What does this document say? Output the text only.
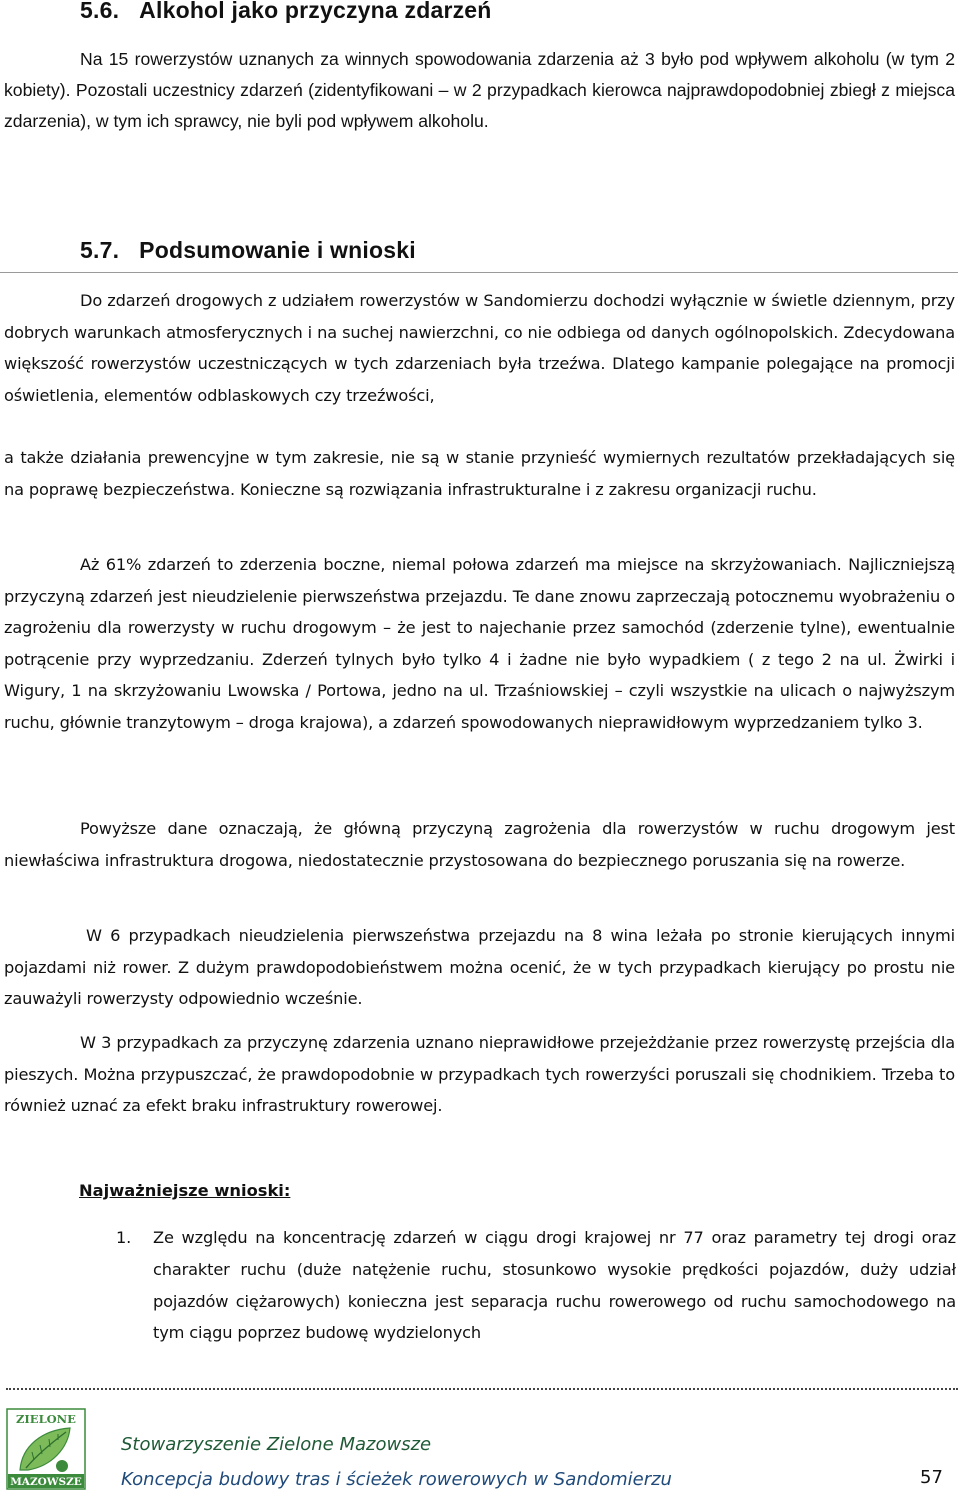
5.6. Alkohol jako przyczyna zdarzeń

Na 15 rowerzystów uznanych za winnych spowodowania zdarzenia aż 3 było pod wpływem alkoholu (w tym 2 kobiety). Pozostali uczestnicy zdarzeń (zidentyfikowani – w 2 przypadkach kierowca najprawdopodobniej zbiegł z miejsca zdarzenia), w tym ich sprawcy, nie byli pod wpływem alkoholu.

5.7. Podsumowanie i wnioski

Do zdarzeń drogowych z udziałem rowerzystów w Sandomierzu dochodzi wyłącznie w świetle dziennym, przy dobrych warunkach atmosferycznych i na suchej nawierzchni, co nie odbiega od danych ogólnopolskich. Zdecydowana większość rowerzystów uczestniczących w tych zdarzeniach była trzeźwa. Dlatego kampanie polegające na promocji oświetlenia, elementów odblaskowych czy trzeźwości,

a także działania prewencyjne w tym zakresie, nie są w stanie przynieść wymiernych rezultatów przekładających się na poprawę bezpieczeństwa. Konieczne są rozwiązania infrastrukturalne i z zakresu organizacji ruchu.

Aż 61% zdarzeń to zderzenia boczne, niemal połowa zdarzeń ma miejsce na skrzyżowaniach. Najliczniejszą przyczyną zdarzeń jest nieudzielenie pierwszeństwa przejazdu. Te dane znowu zaprzeczają potocznemu wyobrażeniu o zagrożeniu dla rowerzysty w ruchu drogowym – że jest to najechanie przez samochód (zderzenie tylne), ewentualnie potrącenie przy wyprzedzaniu. Zderzeń tylnych było tylko 4 i żadne nie było wypadkiem ( z tego 2 na ul. Żwirki i Wigury, 1 na skrzyżowaniu Lwowska / Portowa, jedno na ul. Trzaśniowskiej – czyli wszystkie na ulicach o najwyższym ruchu, głównie tranzytowym – droga krajowa), a zdarzeń spowodowanych nieprawidłowym wyprzedzaniem tylko 3.

Powyższe dane oznaczają, że główną przyczyną zagrożenia dla rowerzystów w ruchu drogowym jest niewłaściwa infrastruktura drogowa, niedostatecznie przystosowana do bezpiecznego poruszania się na rowerze.

W 6 przypadkach nieudzielenia pierwszeństwa przejazdu na 8 wina leżała po stronie kierujących innymi pojazdami niż rower. Z dużym prawdopodobieństwem można ocenić, że w tych przypadkach kierujący po prostu nie zauważyli rowerzysty odpowiednio wcześnie.

W 3 przypadkach za przyczynę zdarzenia uznano nieprawidłowe przejeżdżanie przez rowerzystę przejścia dla pieszych. Można przypuszczać, że prawdopodobnie w przypadkach tych rowerzyści poruszali się chodnikiem. Trzeba to również uznać za efekt braku infrastruktury rowerowej.

Najważniejsze wnioski:

1. Ze względu na koncentrację zdarzeń w ciągu drogi krajowej nr 77 oraz parametry tej drogi oraz charakter ruchu (duże natężenie ruchu, stosunkowo wysokie prędkości pojazdów, duży udział pojazdów ciężarowych) konieczna jest separacja ruchu rowerowego od ruchu samochodowego na tym ciągu poprzez budowę wydzielonych
ZIELONE
MAZOWSZE

Stowarzyszenie Zielone Mazowsze

Koncepcja budowy tras i ścieżek rowerowych w Sandomierzu	57
